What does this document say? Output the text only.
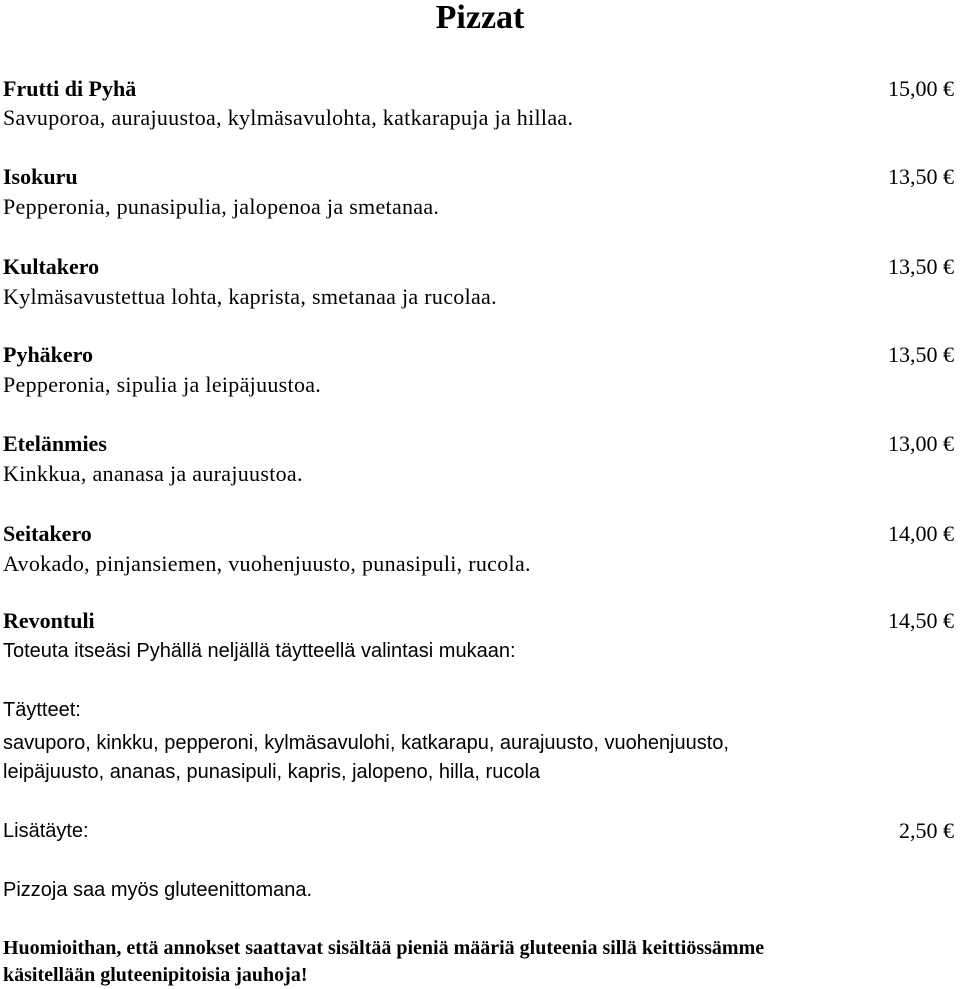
Pizzat
Frutti di Pyhä	15,00 €
Savuporoa, aurajuustoa, kylmäsavulohta, katkarapuja ja hillaa.
Isokuru	13,50 €
Pepperonia, punasipulia, jalopenoa ja smetanaa.
Kultakero	13,50 €
Kylmäsavustettua lohta, kaprista, smetanaa ja rucolaa.
Pyhäkero	13,50 €
Pepperonia, sipulia ja leipäjuustoa.
Etelänmies	13,00 €
Kinkkua, ananasa ja aurajuustoa.
Seitakero	14,00 €
Avokado, pinjansiemen, vuohenjuusto, punasipuli, rucola.
Revontuli	14,50 €
Toteuta itseäsi Pyhällä neljällä täytteellä valintasi mukaan:
Täytteet:
savuporo, kinkku, pepperoni, kylmäsavulohi, katkarapu, aurajuusto, vuohenjuusto,
leipäjuusto, ananas, punasipuli, kapris, jalopeno, hilla, rucola
Lisätäyte:	2,50 €
Pizzoja saa myös gluteenittomana.
Huomioithan, että annokset saattavat sisältää pieniä määriä gluteenia sillä keittiössämme
käsitellään gluteenipitoisia jauhoja!
